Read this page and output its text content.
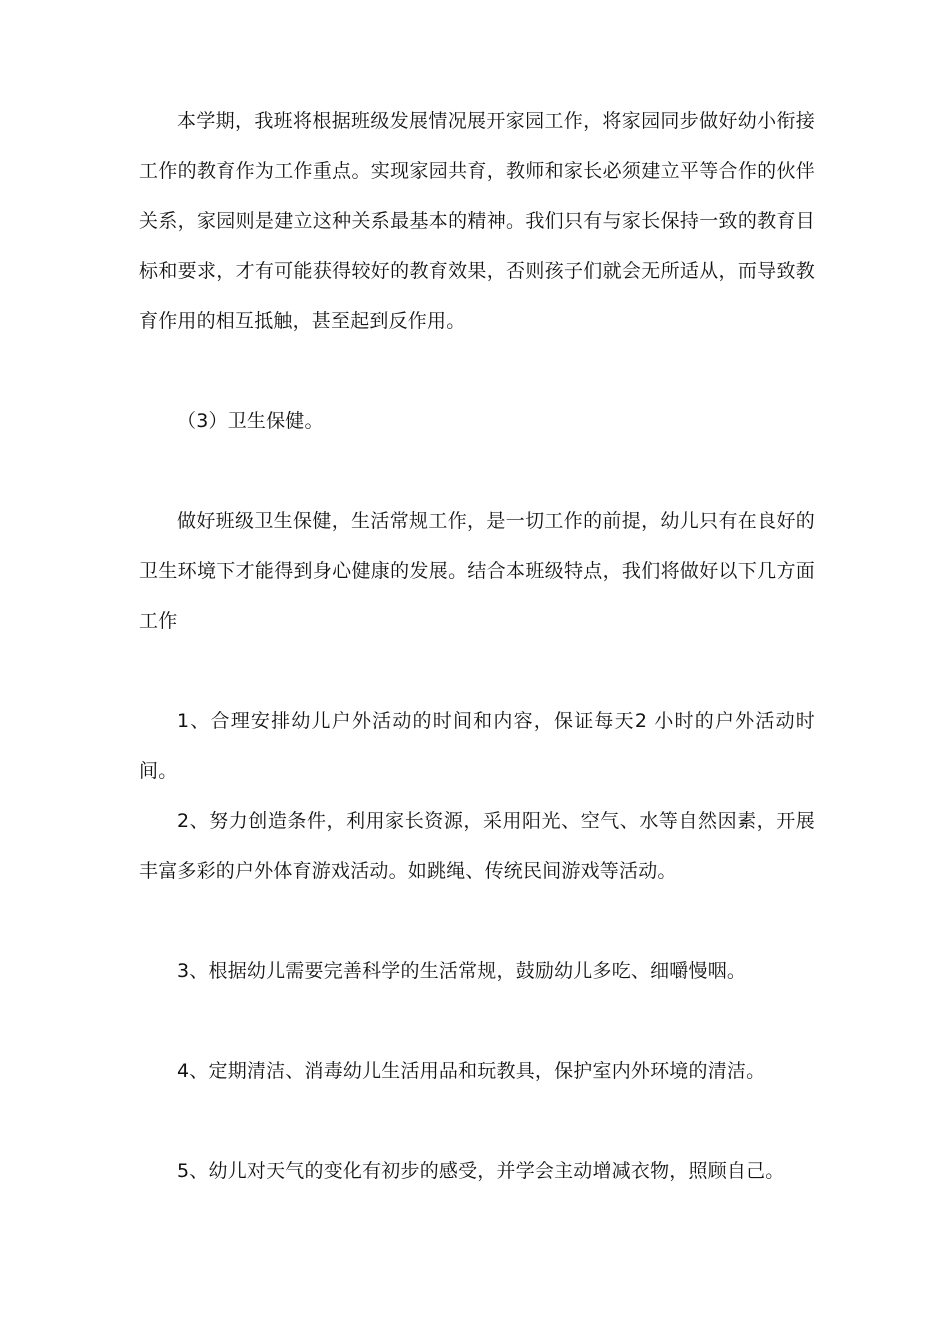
本学期，我班将根据班级发展情况展开家园工作，将家园同步做好幼小衔接工作的教育作为工作重点。实现家园共育，教师和家长必须建立平等合作的伙伴关系，家园则是建立这种关系最基本的精神。我们只有与家长保持一致的教育目标和要求，才有可能获得较好的教育效果，否则孩子们就会无所适从，而导致教育作用的相互抵触，甚至起到反作用。

（3）卫生保健。

做好班级卫生保健，生活常规工作，是一切工作的前提，幼儿只有在良好的卫生环境下才能得到身心健康的发展。结合本班级特点，我们将做好以下几方面工作

1、合理安排幼儿户外活动的时间和内容，保证每天2 小时的户外活动时间。

2、努力创造条件，利用家长资源，采用阳光、空气、水等自然因素，开展丰富多彩的户外体育游戏活动。如跳绳、传统民间游戏等活动。

3、根据幼儿需要完善科学的生活常规，鼓励幼儿多吃、细嚼慢咽。

4、定期清洁、消毒幼儿生活用品和玩教具，保护室内外环境的清洁。

5、幼儿对天气的变化有初步的感受，并学会主动增减衣物，照顾自己。
